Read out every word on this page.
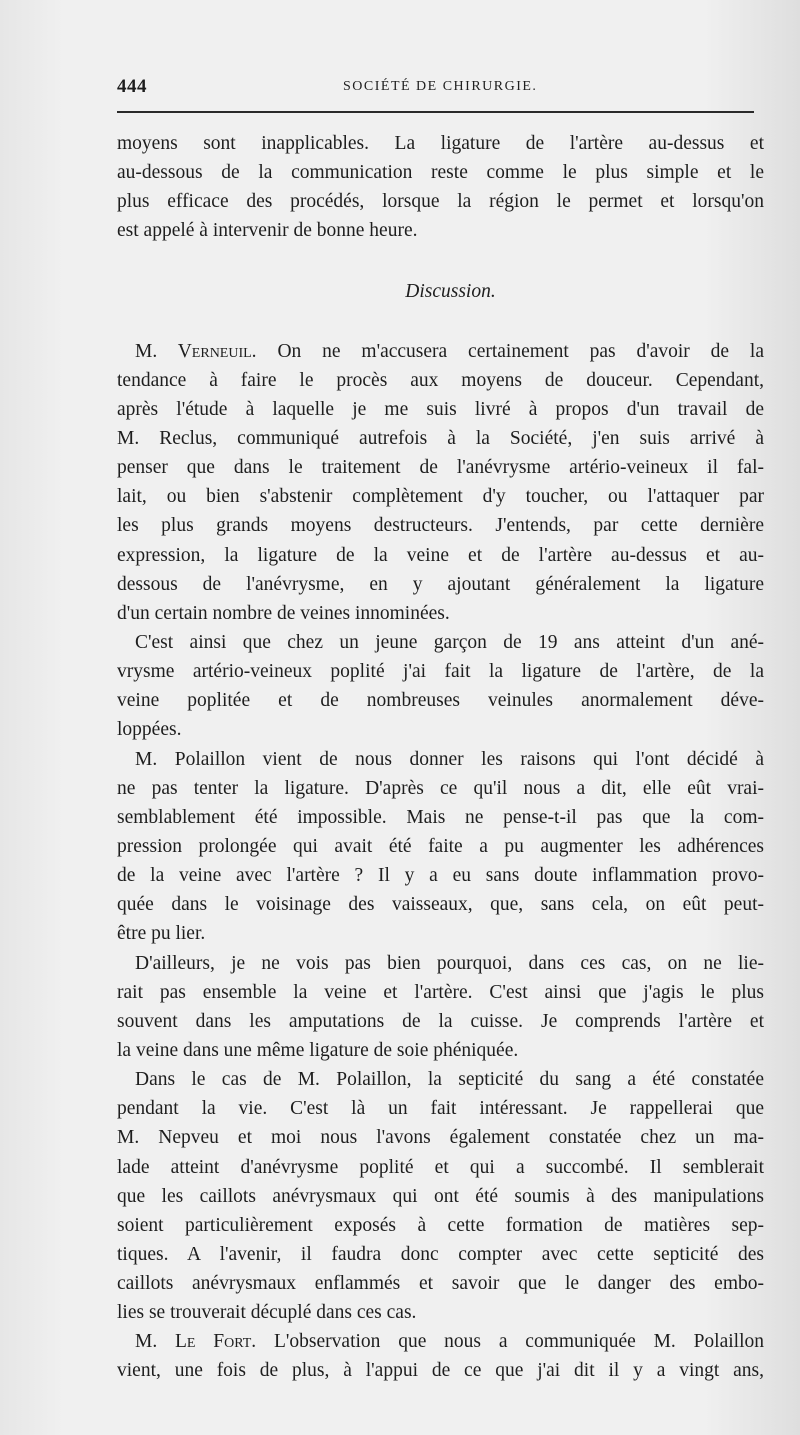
444	SOCIÉTÉ DE CHIRURGIE.
moyens sont inapplicables. La ligature de l'artère au-dessus et
au-dessous de la communication reste comme le plus simple et le
plus efficace des procédés, lorsque la région le permet et lorsqu'on
est appelé à intervenir de bonne heure.
Discussion.
M. Verneuil. On ne m'accusera certainement pas d'avoir de la
tendance à faire le procès aux moyens de douceur. Cependant,
après l'étude à laquelle je me suis livré à propos d'un travail de
M. Reclus, communiqué autrefois à la Société, j'en suis arrivé à
penser que dans le traitement de l'anévrysme artério-veineux il fal-
lait, ou bien s'abstenir complètement d'y toucher, ou l'attaquer par
les plus grands moyens destructeurs. J'entends, par cette dernière
expression, la ligature de la veine et de l'artère au-dessus et au-
dessous de l'anévrysme, en y ajoutant généralement la ligature
d'un certain nombre de veines innominées.
C'est ainsi que chez un jeune garçon de 19 ans atteint d'un ané-
vrysme artério-veineux poplité j'ai fait la ligature de l'artère, de la
veine poplitée et de nombreuses veinules anormalement déve-
loppées.
M. Polaillon vient de nous donner les raisons qui l'ont décidé à
ne pas tenter la ligature. D'après ce qu'il nous a dit, elle eût vrai-
semblablement été impossible. Mais ne pense-t-il pas que la com-
pression prolongée qui avait été faite a pu augmenter les adhérences
de la veine avec l'artère ? Il y a eu sans doute inflammation provo-
quée dans le voisinage des vaisseaux, que, sans cela, on eût peut-
être pu lier.
D'ailleurs, je ne vois pas bien pourquoi, dans ces cas, on ne lie-
rait pas ensemble la veine et l'artère. C'est ainsi que j'agis le plus
souvent dans les amputations de la cuisse. Je comprends l'artère et
la veine dans une même ligature de soie phéniquée.
Dans le cas de M. Polaillon, la septicité du sang a été constatée
pendant la vie. C'est là un fait intéressant. Je rappellerai que
M. Nepveu et moi nous l'avons également constatée chez un ma-
lade atteint d'anévrysme poplité et qui a succombé. Il semblerait
que les caillots anévrysmaux qui ont été soumis à des manipulations
soient particulièrement exposés à cette formation de matières sep-
tiques. A l'avenir, il faudra donc compter avec cette septicité des
caillots anévrysmaux enflammés et savoir que le danger des embo-
lies se trouverait décuplé dans ces cas.
M. Le Fort. L'observation que nous a communiquée M. Polaillon
vient, une fois de plus, à l'appui de ce que j'ai dit il y a vingt ans,
